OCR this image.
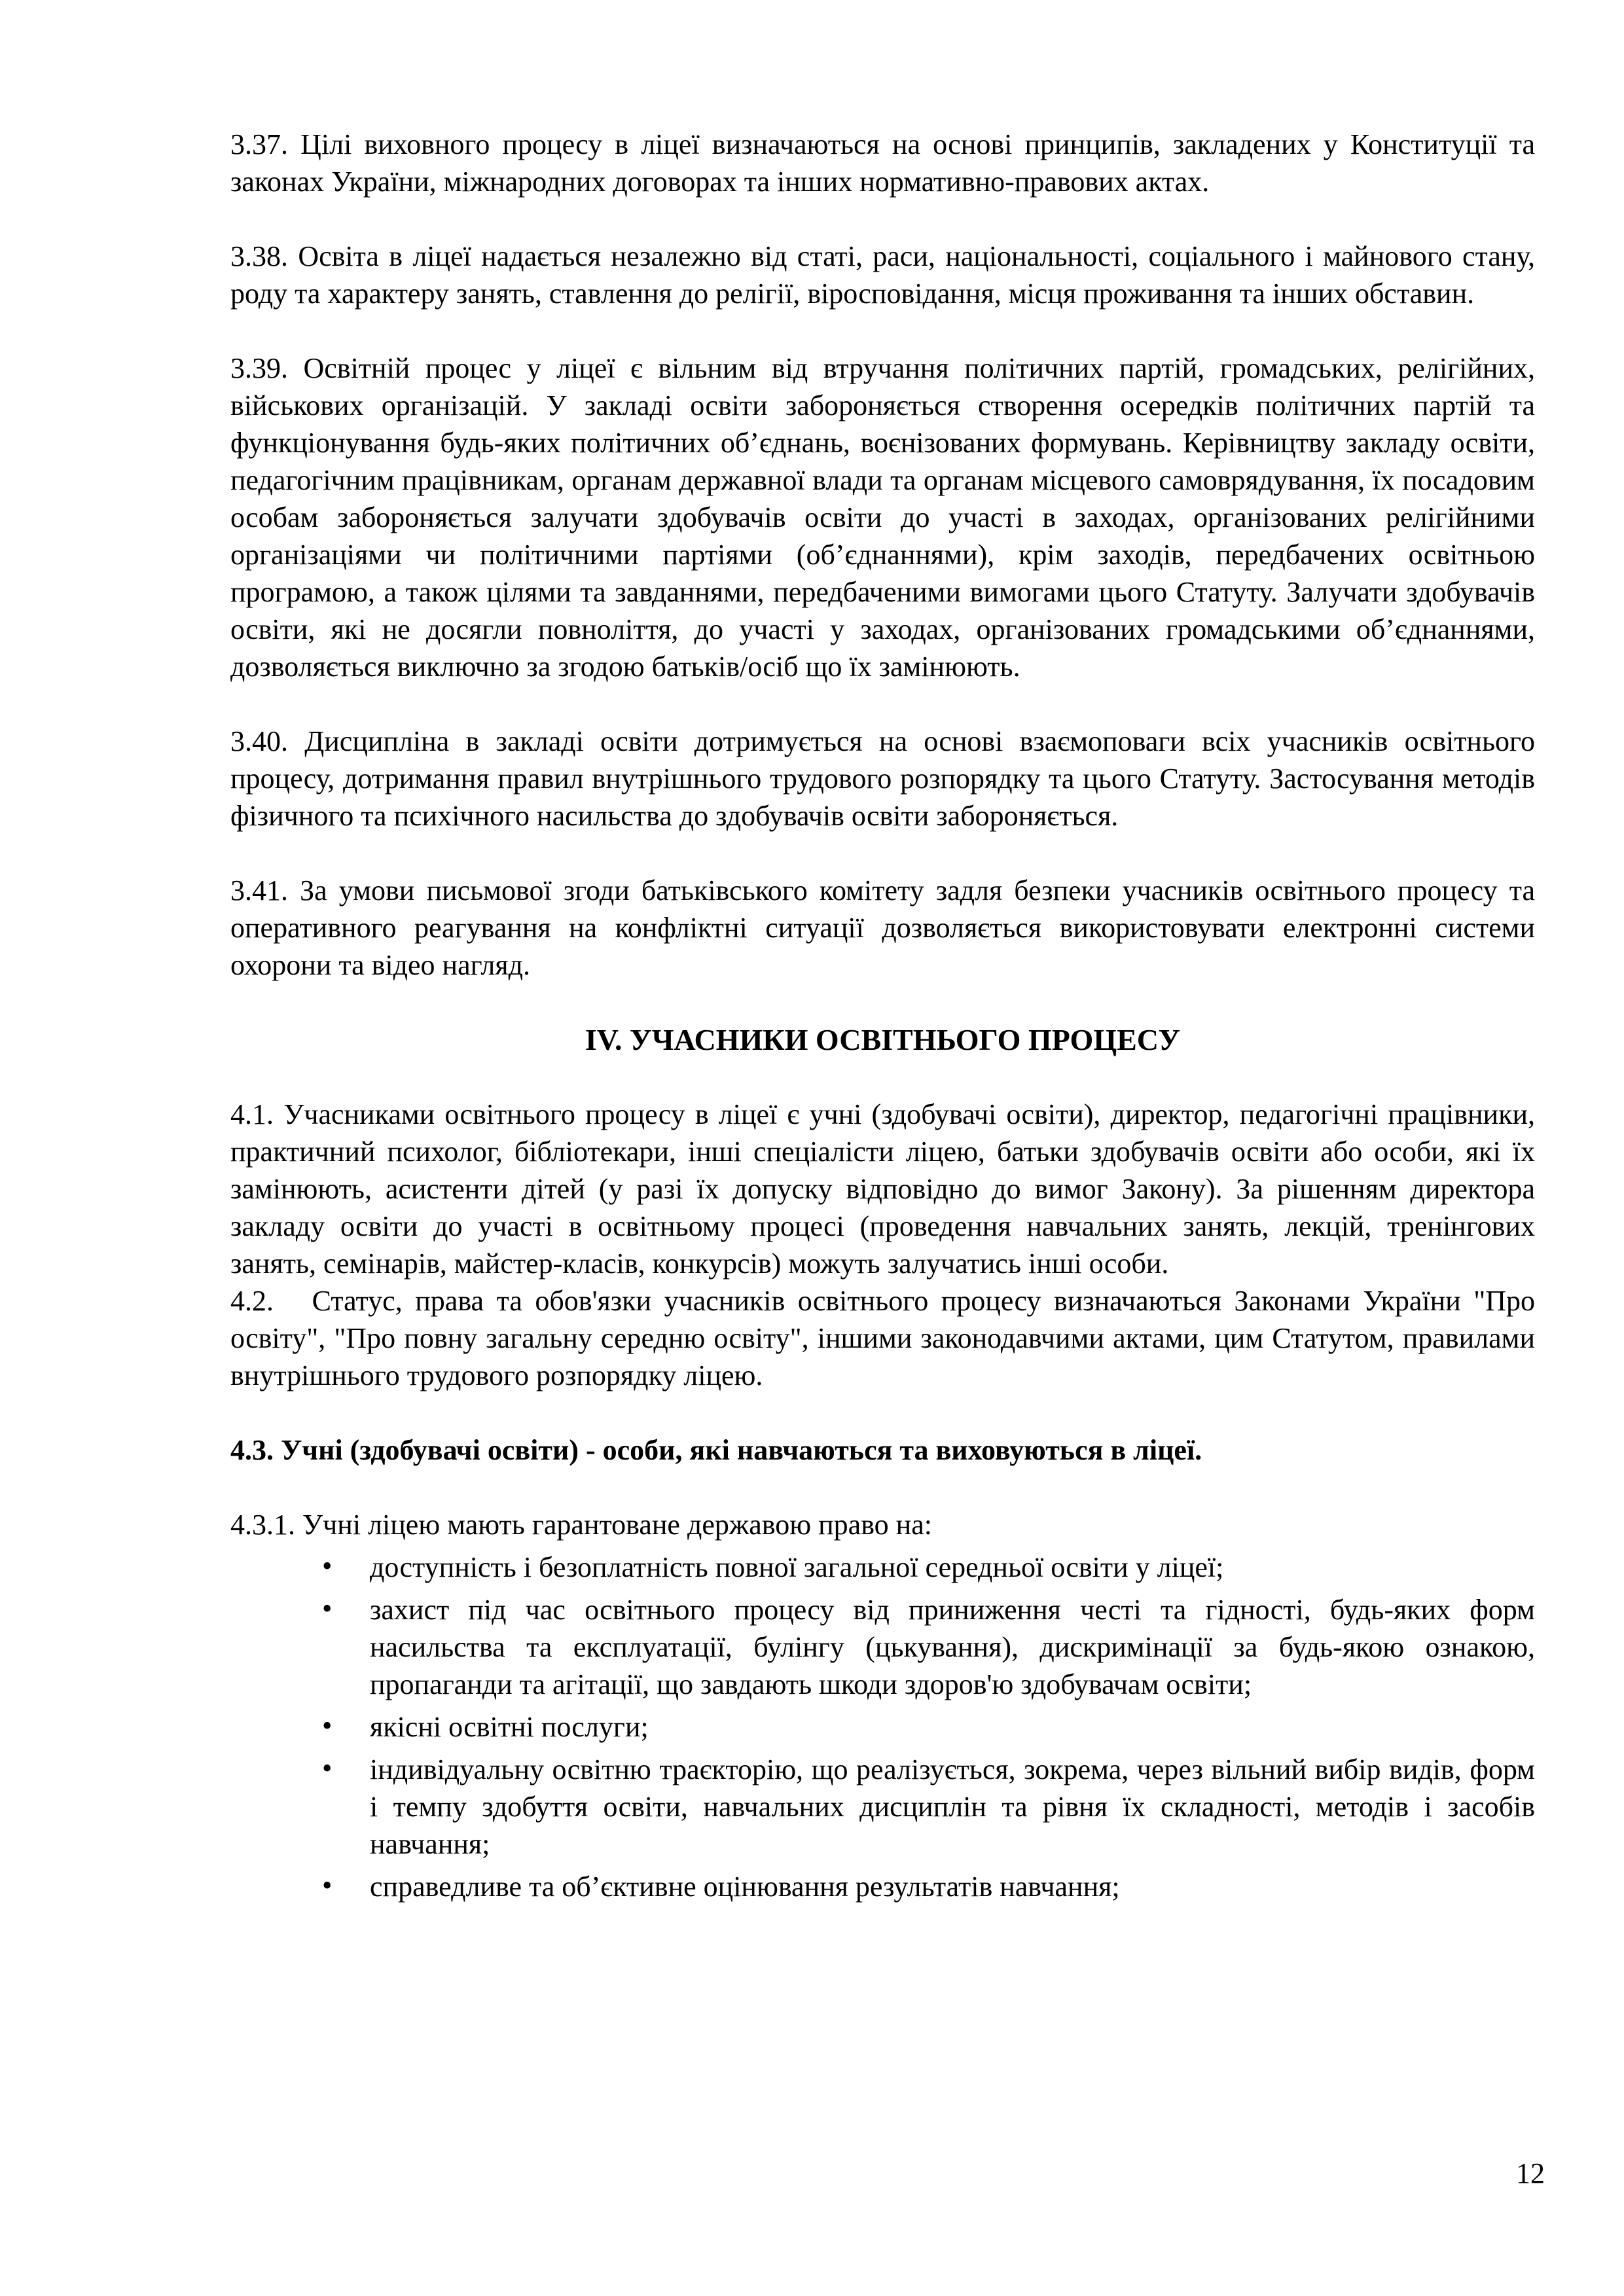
3.37. Цілі виховного процесу в ліцеї визначаються на основі принципів, закладених у Конституції та законах України, міжнародних договорах та інших нормативно-правових актах.

3.38. Освіта в ліцеї надається незалежно від статі, раси, національності, соціального і майнового стану, роду та характеру занять, ставлення до релігії, віросповідання, місця проживання та інших обставин.

3.39. Освітній процес у ліцеї є вільним від втручання політичних партій, громадських, релігійних, військових організацій. У закладі освіти забороняється створення осередків політичних партій та функціонування будь-яких політичних об’єднань, воєнізованих формувань. Керівництву закладу освіти, педагогічним працівникам, органам державної влади та органам місцевого самоврядування, їх посадовим особам забороняється залучати здобувачів освіти до участі в заходах, організованих релігійними організаціями чи політичними партіями (об’єднаннями), крім заходів, передбачених освітньою програмою, а також цілями та завданнями, передбаченими вимогами цього Статуту. Залучати здобувачів освіти, які не досягли повноліття, до участі у заходах, організованих громадськими об’єднаннями, дозволяється виключно за згодою батьків/осіб що їх замінюють.

3.40. Дисципліна в закладі освіти дотримується на основі взаємоповаги всіх учасників освітнього процесу, дотримання правил внутрішнього трудового розпорядку та цього Статуту. Застосування методів фізичного та психічного насильства до здобувачів освіти забороняється.

3.41. За умови письмової згоди батьківського комітету задля безпеки учасників освітнього процесу та оперативного реагування на конфліктні ситуації дозволяється використовувати електронні системи охорони та відео нагляд.

IV. УЧАСНИКИ ОСВІТНЬОГО ПРОЦЕСУ

4.1. Учасниками освітнього процесу в ліцеї є учні (здобувачі освіти), директор, педагогічні працівники, практичний психолог, бібліотекари, інші спеціалісти ліцею, батьки здобувачів освіти або особи, які їх замінюють, асистенти дітей (у разі їх допуску відповідно до вимог Закону). За рішенням директора закладу освіти до участі в освітньому процесі (проведення навчальних занять, лекцій, тренінгових занять, семінарів, майстер-класів, конкурсів) можуть залучатись інші особи.

4.2.   Статус, права та обов'язки учасників освітнього процесу визначаються Законами України "Про освіту", "Про повну загальну середню освіту", іншими законодавчими актами, цим Статутом, правилами внутрішнього трудового розпорядку ліцею.

4.3. Учні (здобувачі освіти) - особи, які навчаються та виховуються в ліцеї.

4.3.1. Учні ліцею мають гарантоване державою право на:

• доступність і безоплатність повної загальної середньої освіти у ліцеї;
• захист під час освітнього процесу від приниження честі та гідності, будь-яких форм насильства та експлуатації, булінгу (цькування), дискримінації за будь-якою ознакою, пропаганди та агітації, що завдають шкоди здоров'ю здобувачам освіти;
• якісні освітні послуги;
• індивідуальну освітню траєкторію, що реалізується, зокрема, через вільний вибір видів, форм і темпу здобуття освіти, навчальних дисциплін та рівня їх складності, методів і засобів навчання;
• справедливе та об’єктивне оцінювання результатів навчання;
12
